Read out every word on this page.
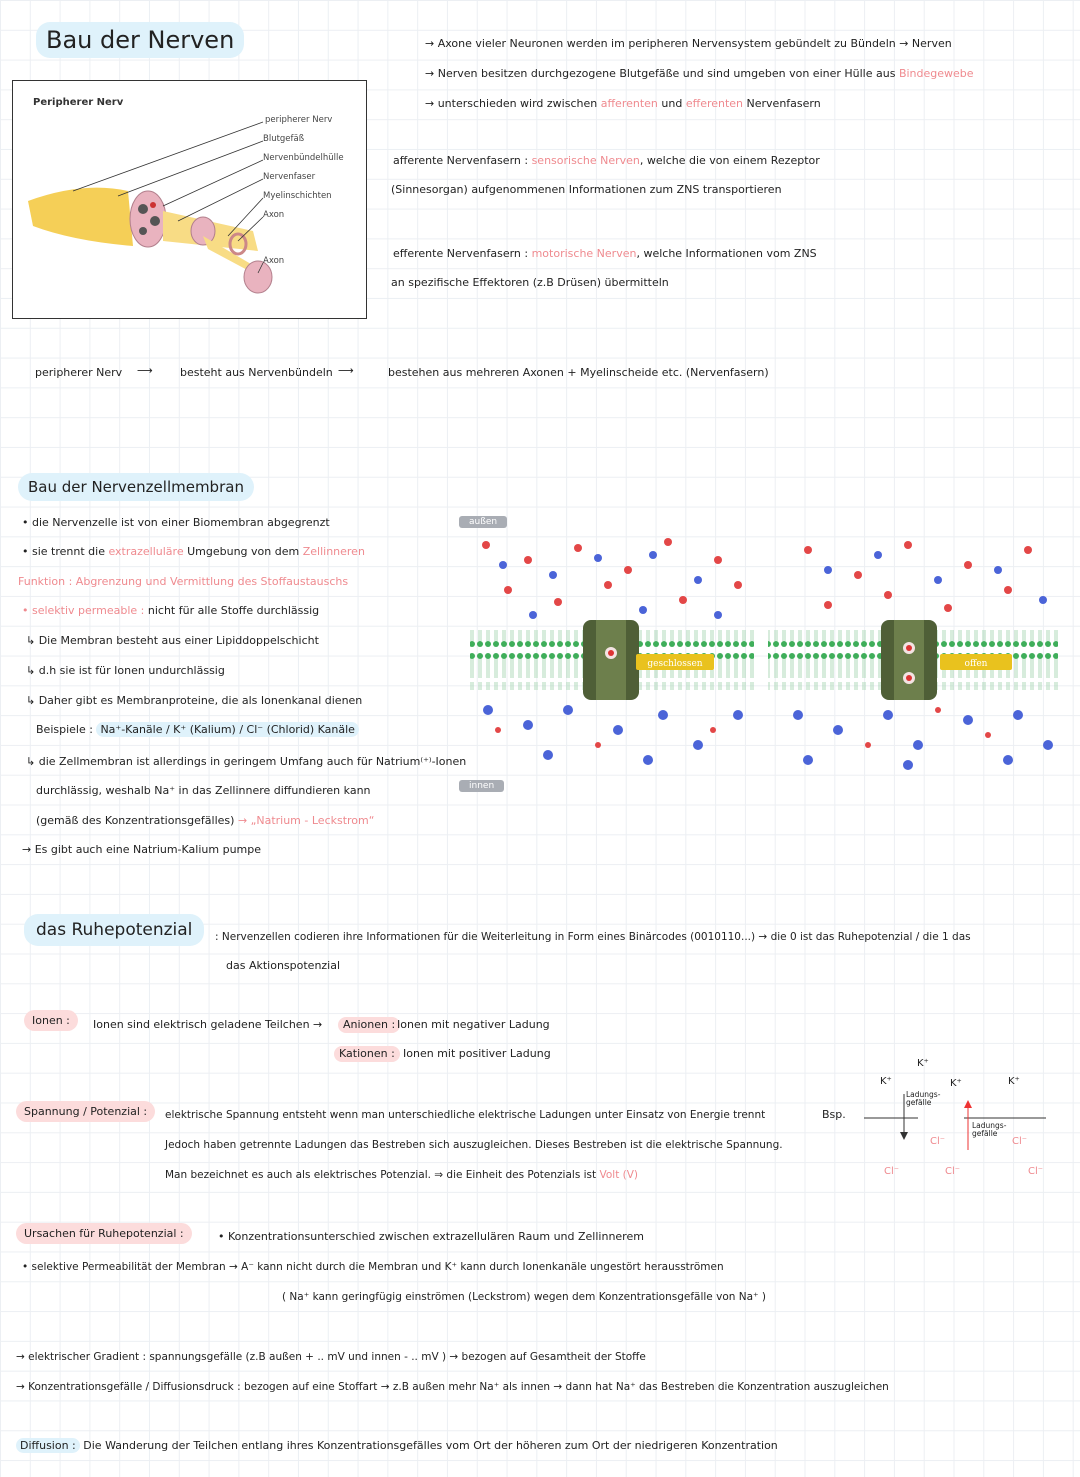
Bau der Nerven
Peripherer Nerv
peripherer Nerv
Blutgefäß
Nervenbündelhülle
Nervenfaser
Myelinschichten
Axon
Axon
→ Axone vieler Neuronen werden im peripheren Nervensystem gebündelt zu Bündeln → Nerven
→ Nerven besitzen durchgezogene Blutgefäße und sind umgeben von einer Hülle aus Bindegewebe
→ unterschieden wird zwischen afferenten und efferenten Nervenfasern
afferente Nervenfasern : sensorische Nerven, welche die von einem Rezeptor
(Sinnesorgan) aufgenommenen Informationen zum ZNS transportieren
efferente Nervenfasern : motorische Nerven, welche Informationen vom ZNS
an spezifische Effektoren (z.B Drüsen) übermitteln
peripherer Nerv ⟶ besteht aus Nervenbündeln ⟶	bestehen aus mehreren Axonen + Myelinscheide etc. (Nervenfasern)
Bau der Nervenzellmembran
• die Nervenzelle ist von einer Biomembran abgegrenzt
• sie trennt die extrazelluläre Umgebung von dem Zellinneren
Funktion : Abgrenzung und Vermittlung des Stoffaustauschs
• selektiv permeable : nicht für alle Stoffe durchlässig
↳ Die Membran besteht aus einer Lipiddoppelschicht
↳ d.h sie ist für Ionen undurchlässig
↳ Daher gibt es Membranproteine, die als Ionenkanal dienen
Beispiele : Na⁺-Kanäle / K⁺ (Kalium) / Cl⁻ (Chlorid) Kanäle
↳ die Zellmembran ist allerdings in geringem Umfang auch für Natrium⁽⁺⁾-Ionen
durchlässig, weshalb Na⁺ in das Zellinnere diffundieren kann
(gemäß des Konzentrationsgefälles) → „Natrium - Leckstrom“
→ Es gibt auch eine Natrium-Kalium pumpe
außen
innen
geschlossen	offen
das Ruhepotenzial	: Nervenzellen codieren ihre Informationen für die Weiterleitung in Form eines Binärcodes (0010110...) → die 0 ist das Ruhepotenzial / die 1 das
das Aktionspotenzial
Ionen :	Ionen sind elektrisch geladene Teilchen →	Anionen : Ionen mit negativer Ladung
Kationen : Ionen mit positiver Ladung
Spannung / Potenzial :	elektrische Spannung entsteht wenn man unterschiedliche elektrische Ladungen unter Einsatz von Energie trennt
Jedoch haben getrennte Ladungen das Bestreben sich auszugleichen. Dieses Bestreben ist die elektrische Spannung.
Man bezeichnet es auch als elektrisches Potenzial. ⇒ die Einheit des Potenzials ist Volt (V)
Bsp.
K⁺
K⁺
K⁺	K⁺
Ladungs-gefälle
Ladungs-gefälle
Cl⁻
Cl⁻	Cl⁻	Cl⁻
Cl⁻
Ursachen für Ruhepotenzial :	• Konzentrationsunterschied zwischen extrazellulären Raum und Zellinnerem
• selektive Permeabilität der Membran → A⁻ kann nicht durch die Membran und K⁺ kann durch Ionenkanäle ungestört herausströmen
( Na⁺ kann geringfügig einströmen (Leckstrom) wegen dem Konzentrationsgefälle von Na⁺ )
→ elektrischer Gradient : spannungsgefälle (z.B außen + .. mV und innen - .. mV ) → bezogen auf Gesamtheit der Stoffe
→ Konzentrationsgefälle / Diffusionsdruck : bezogen auf eine Stoffart → z.B außen mehr Na⁺ als innen → dann hat Na⁺ das Bestreben die Konzentration auszugleichen
Diffusion : Die Wanderung der Teilchen entlang ihres Konzentrationsgefälles vom Ort der höheren zum Ort der niedrigeren Konzentration
